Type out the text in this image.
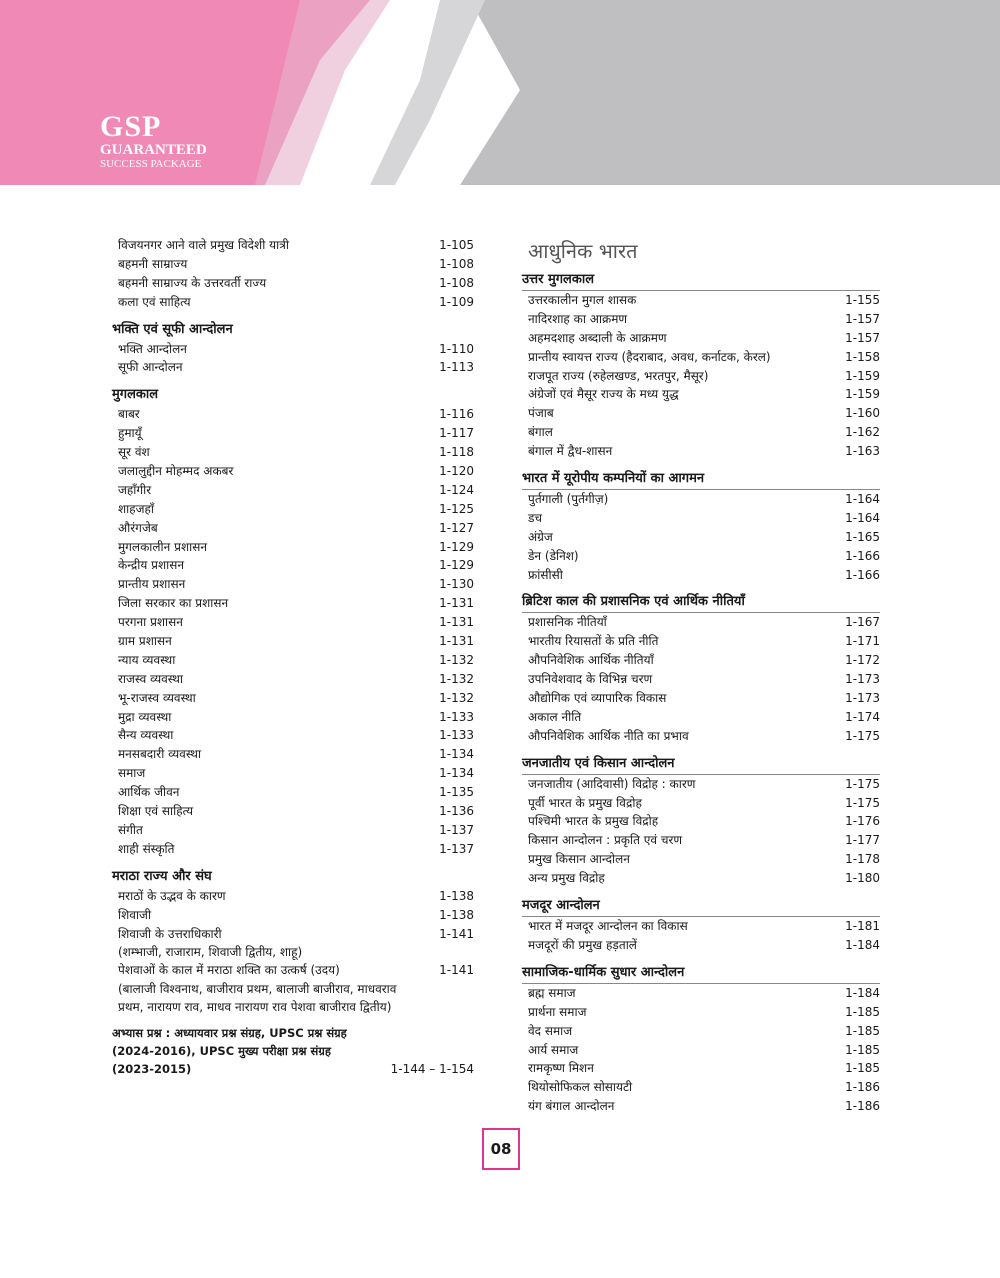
GSP
GUARANTEED
SUCCESS PACKAGE
विजयनगर आने वाले प्रमुख विदेशी यात्री	1-105
बहमनी साम्राज्य	1-108
बहमनी साम्राज्य के उत्तरवर्ती राज्य	1-108
कला एवं साहित्य	1-109
भक्ति एवं सूफी आन्दोलन
भक्ति आन्दोलन	1-110
सूफी आन्दोलन	1-113
मुगलकाल
बाबर	1-116
हुमायूँ	1-117
सूर वंश	1-118
जलालुद्दीन मोहम्मद अकबर	1-120
जहाँगीर	1-124
शाहजहाँ	1-125
औरंगजेब	1-127
मुगलकालीन प्रशासन	1-129
केन्द्रीय प्रशासन	1-129
प्रान्तीय प्रशासन	1-130
जिला सरकार का प्रशासन	1-131
परगना प्रशासन	1-131
ग्राम प्रशासन	1-131
न्याय व्यवस्था	1-132
राजस्व व्यवस्था	1-132
भू-राजस्व व्यवस्था	1-132
मुद्रा व्यवस्था	1-133
सैन्य व्यवस्था	1-133
मनसबदारी व्यवस्था	1-134
समाज	1-134
आर्थिक जीवन	1-135
शिक्षा एवं साहित्य	1-136
संगीत	1-137
शाही संस्कृति	1-137
मराठा राज्य और संघ
मराठों के उद्भव के कारण	1-138
शिवाजी	1-138
शिवाजी के उत्तराधिकारी	1-141
(शम्भाजी, राजाराम, शिवाजी द्वितीय, शाहू)
पेशवाओं के काल में मराठा शक्ति का उत्कर्ष (उदय)	1-141
(बालाजी विश्वनाथ, बाजीराव प्रथम, बालाजी बाजीराव, माधवराव प्रथम, नारायण राव, माधव नारायण राव पेशवा बाजीराव द्वितीय)
अभ्यास प्रश्न : अध्यायवार प्रश्न संग्रह, UPSC प्रश्न संग्रह (2024-2016), UPSC मुख्य परीक्षा प्रश्न संग्रह (2023-2015)	1-144 – 1-154
आधुनिक भारत
उत्तर मुगलकाल
उत्तरकालीन मुगल शासक	1-155
नादिरशाह का आक्रमण	1-157
अहमदशाह अब्दाली के आक्रमण	1-157
प्रान्तीय स्वायत्त राज्य (हैदराबाद, अवध, कर्नाटक, केरल)	1-158
राजपूत राज्य (रुहेलखण्ड, भरतपुर, मैसूर)	1-159
अंग्रेजों एवं मैसूर राज्य के मध्य युद्ध	1-159
पंजाब	1-160
बंगाल	1-162
बंगाल में द्वैध-शासन	1-163
भारत में यूरोपीय कम्पनियों का आगमन
पुर्तगाली (पुर्तगीज़)	1-164
डच	1-164
अंग्रेज	1-165
डेन (डेनिश)	1-166
फ्रांसीसी	1-166
ब्रिटिश काल की प्रशासनिक एवं आर्थिक नीतियाँ
प्रशासनिक नीतियाँ	1-167
भारतीय रियासतों के प्रति नीति	1-171
औपनिवेशिक आर्थिक नीतियाँ	1-172
उपनिवेशवाद के विभिन्न चरण	1-173
औद्योगिक एवं व्यापारिक विकास	1-173
अकाल नीति	1-174
औपनिवेशिक आर्थिक नीति का प्रभाव	1-175
जनजातीय एवं किसान आन्दोलन
जनजातीय (आदिवासी) विद्रोह : कारण	1-175
पूर्वी भारत के प्रमुख विद्रोह	1-175
पश्चिमी भारत के प्रमुख विद्रोह	1-176
किसान आन्दोलन : प्रकृति एवं चरण	1-177
प्रमुख किसान आन्दोलन	1-178
अन्य प्रमुख विद्रोह	1-180
मजदूर आन्दोलन
भारत में मजदूर आन्दोलन का विकास	1-181
मजदूरों की प्रमुख हड़तालें	1-184
सामाजिक-धार्मिक सुधार आन्दोलन
ब्रह्म समाज	1-184
प्रार्थना समाज	1-185
वेद समाज	1-185
आर्य समाज	1-185
रामकृष्ण मिशन	1-185
थियोसोफिकल सोसायटी	1-186
यंग बंगाल आन्दोलन	1-186
08
